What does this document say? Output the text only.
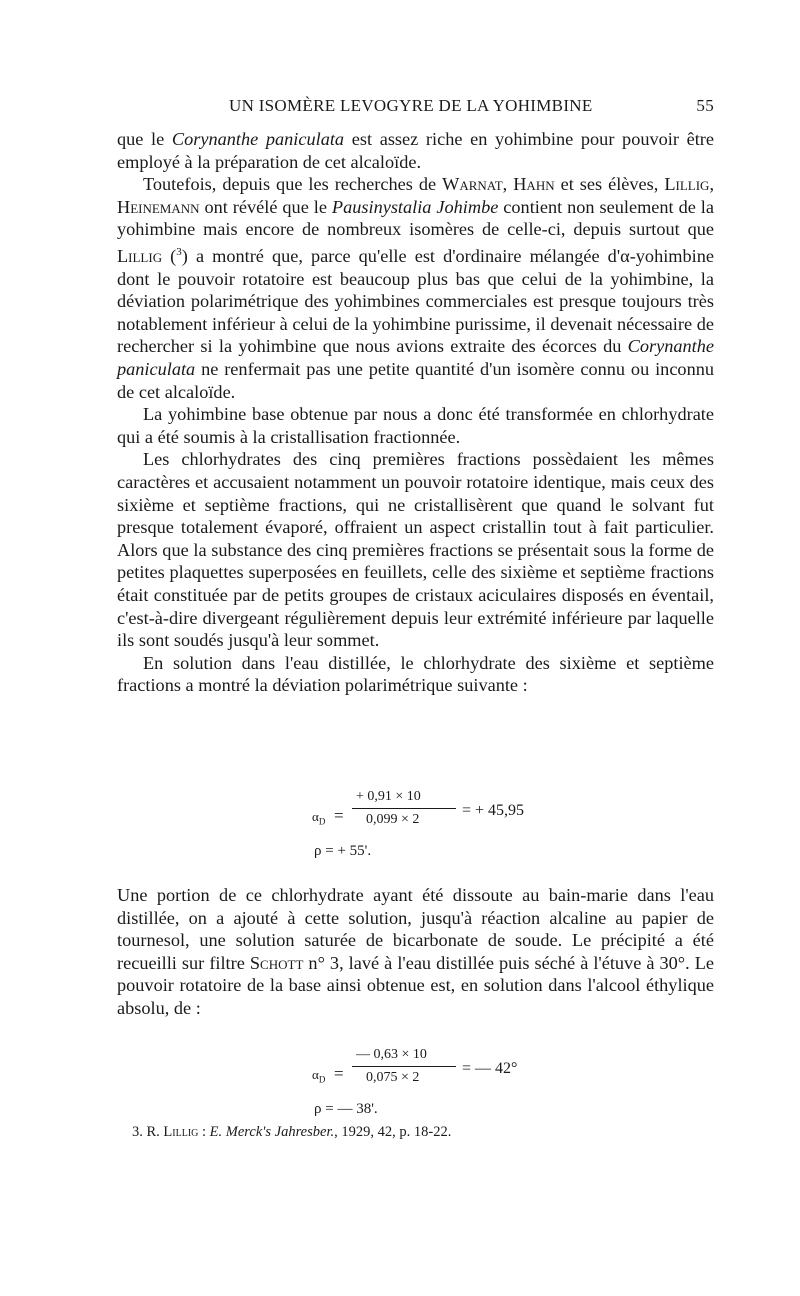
UN ISOMÈRE LEVOGYRE DE LA YOHIMBINE	55

que le Corynanthe paniculata est assez riche en yohimbine pour pouvoir être employé à la préparation de cet alcaloïde.

Toutefois, depuis que les recherches de Warnat, Hahn et ses élèves, Lillig, Heinemann ont révélé que le Pausinystalia Johimbe contient non seulement de la yohimbine mais encore de nombreux isomères de celle-ci, depuis surtout que Lillig ($^3$) a montré que, parce qu'elle est d'ordinaire mélangée d'α-yohimbine dont le pouvoir rotatoire est beaucoup plus bas que celui de la yohimbine, la déviation polarimétrique des yohimbines commerciales est presque toujours très notablement inférieur à celui de la yohimbine purissime, il devenait nécessaire de rechercher si la yohimbine que nous avions extraite des écorces du Corynanthe paniculata ne renfermait pas une petite quantité d'un isomère connu ou inconnu de cet alcaloïde.

La yohimbine base obtenue par nous a donc été transformée en chlorhydrate qui a été soumis à la cristallisation fractionnée.

Les chlorhydrates des cinq premières fractions possèdaient les mêmes caractères et accusaient notamment un pouvoir rotatoire identique, mais ceux des sixième et septième fractions, qui ne cristallisèrent que quand le solvant fut presque totalement évaporé, offraient un aspect cristallin tout à fait particulier. Alors que la substance des cinq premières fractions se présentait sous la forme de petites plaquettes superposées en feuillets, celle des sixième et septième fractions était constituée par de petits groupes de cristaux aciculaires disposés en éventail, c'est-à-dire divergeant régulièrement depuis leur extrémité inférieure par laquelle ils sont soudés jusqu'à leur sommet.

En solution dans l'eau distillée, le chlorhydrate des sixième et septième fractions a montré la déviation polarimétrique suivante :

$\alpha_D$ =
+ 0,91 × 10
0,099 × 2
= + 45,95
ρ = + 55'.

Une portion de ce chlorhydrate ayant été dissoute au bain-marie dans l'eau distillée, on a ajouté à cette solution, jusqu'à réaction alcaline au papier de tournesol, une solution saturée de bicarbonate de soude. Le précipité a été recueilli sur filtre Schott n° 3, lavé à l'eau distillée puis séché à l'étuve à 30°. Le pouvoir rotatoire de la base ainsi obtenue est, en solution dans l'alcool éthylique absolu, de :

$\alpha_D$ =
— 0,63 × 10
0,075 × 2
= — 42°
ρ = — 38'.
3. R. Lillig : E. Merck's Jahresber., 1929, 42, p. 18-22.
